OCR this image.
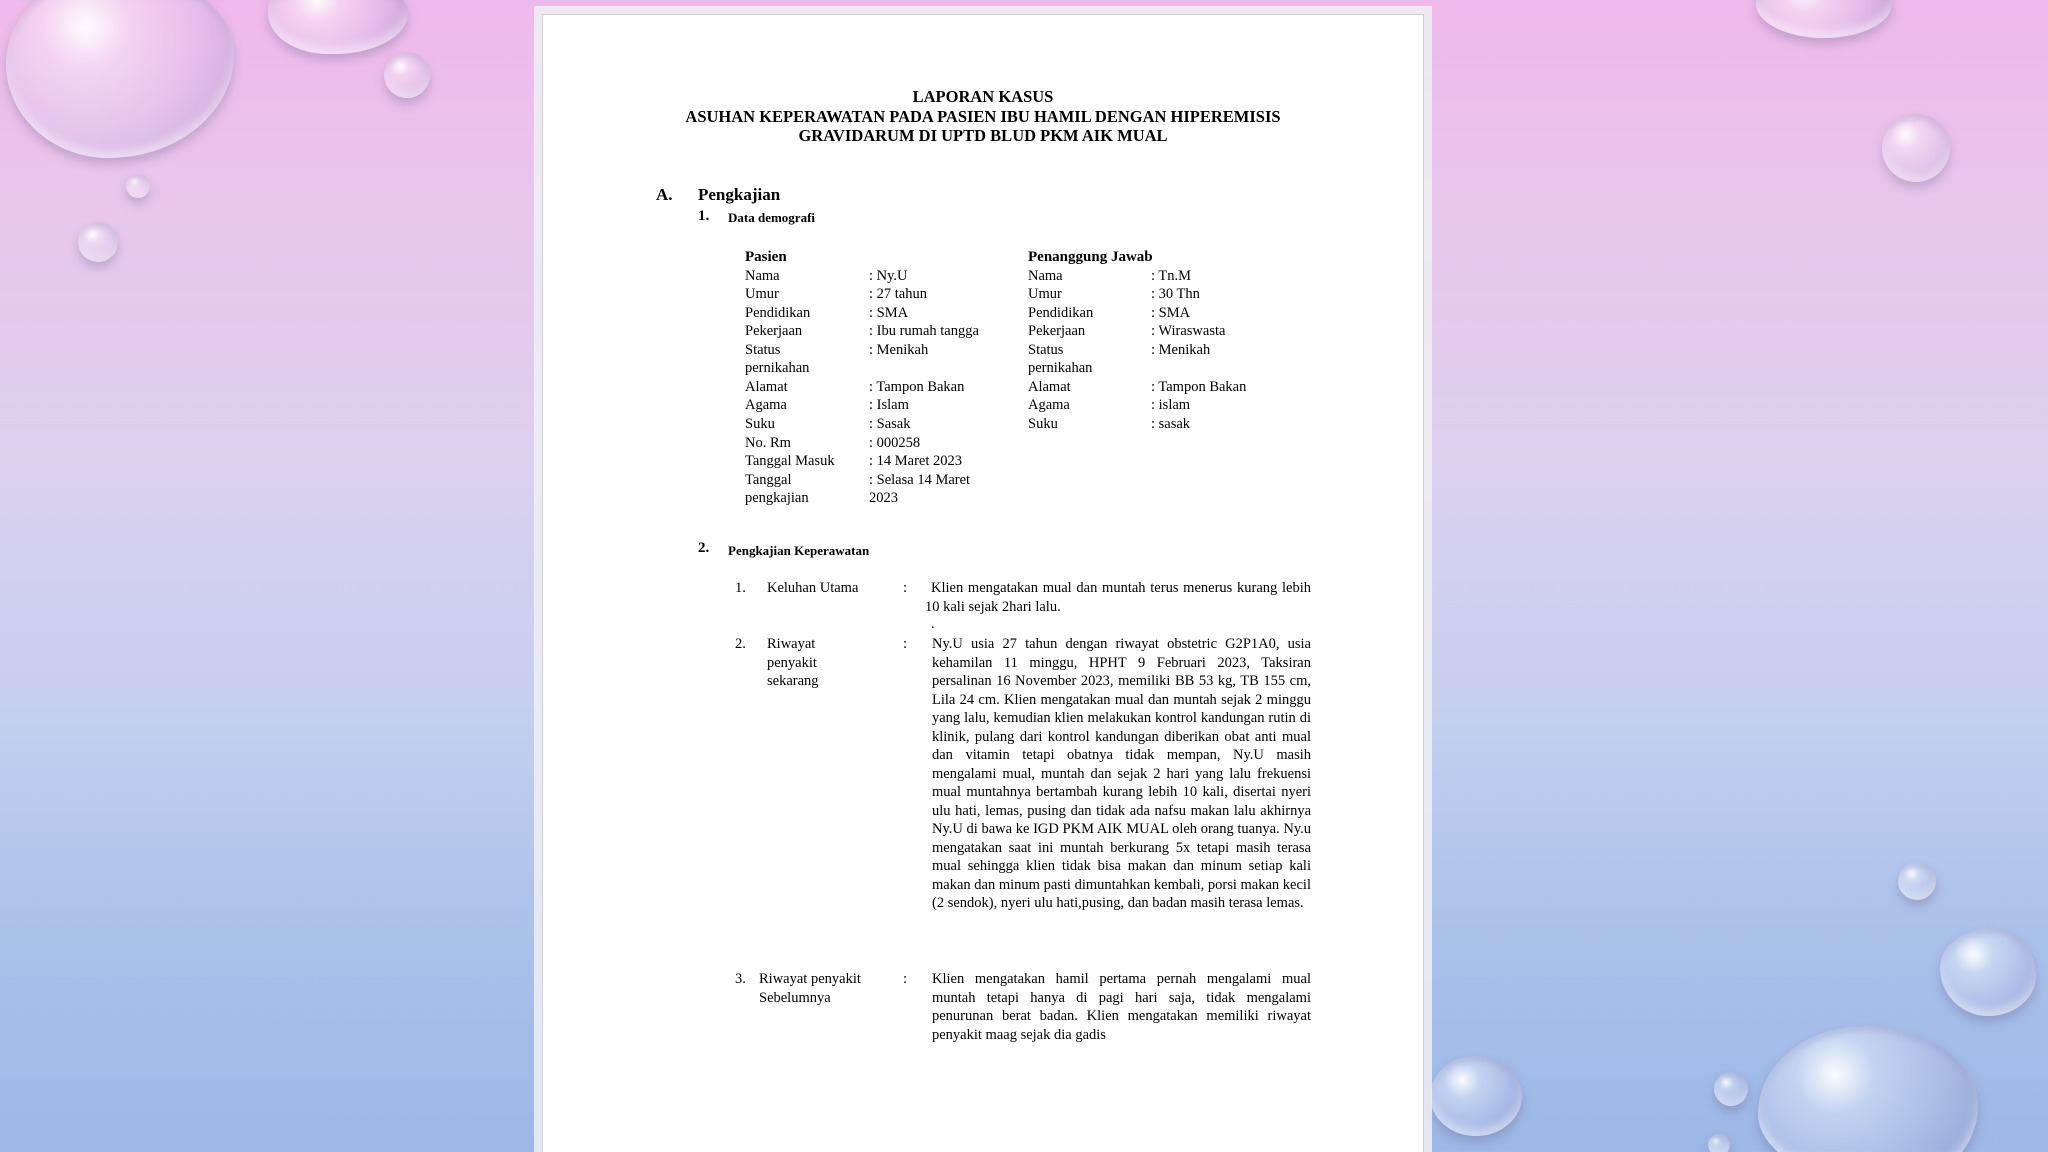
LAPORAN KASUS
ASUHAN KEPERAWATAN PADA PASIEN IBU HAMIL DENGAN HIPEREMISIS
GRAVIDARUM DI UPTD BLUD PKM AIK MUAL
A. Pengkajian
1. Data demografi
Pasien
Nama	: Ny.U
Umur	: 27 tahun
Pendidikan	: SMA
Pekerjaan	: Ibu rumah tangga
Status	: Menikah
pernikahan
Alamat	: Tampon Bakan
Agama	: Islam
Suku	: Sasak
No. Rm	: 000258
Tanggal Masuk : 14 Maret 2023
Tanggal	: Selasa 14 Maret
pengkajian	2023
Penanggung Jawab
Nama	: Tn.M
Umur	: 30 Thn
Pendidikan	: SMA
Pekerjaan	: Wiraswasta
Status	: Menikah
pernikahan
Alamat	: Tampon Bakan
Agama	: islam
Suku	: sasak
2. Pengkajian Keperawatan
1. Keluhan Utama	:	Klien mengatakan mual dan muntah terus menerus kurang lebih 10 kali sejak 2hari lalu.
.
2. Riwayat penyakit sekarang
: Ny.U usia 27 tahun dengan riwayat obstetric G2P1A0, usia kehamilan 11 minggu, HPHT 9 Februari 2023, Taksiran persalinan 16 November 2023, memiliki BB 53 kg, TB 155 cm, Lila 24 cm. Klien mengatakan mual dan muntah sejak 2 minggu yang lalu, kemudian klien melakukan kontrol kandungan rutin di klinik, pulang dari kontrol kandungan diberikan obat anti mual dan vitamin tetapi obatnya tidak mempan, Ny.U masih mengalami mual, muntah dan sejak 2 hari yang lalu frekuensi mual muntahnya bertambah kurang lebih 10 kali, disertai nyeri ulu hati, lemas, pusing dan tidak ada nafsu makan lalu akhirnya Ny.U di bawa ke IGD PKM AIK MUAL oleh orang tuanya. Ny.u mengatakan saat ini muntah berkurang 5x tetapi masih terasa mual sehingga klien tidak bisa makan dan minum setiap kali makan dan minum pasti dimuntahkan kembali, porsi makan kecil (2 sendok), nyeri ulu hati,pusing, dan badan masih terasa lemas.
3. Riwayat penyakit Sebelumnya
: Klien mengatakan hamil pertama pernah mengalami mual muntah tetapi hanya di pagi hari saja, tidak mengalami penurunan berat badan. Klien mengatakan memiliki riwayat penyakit maag sejak dia gadis
